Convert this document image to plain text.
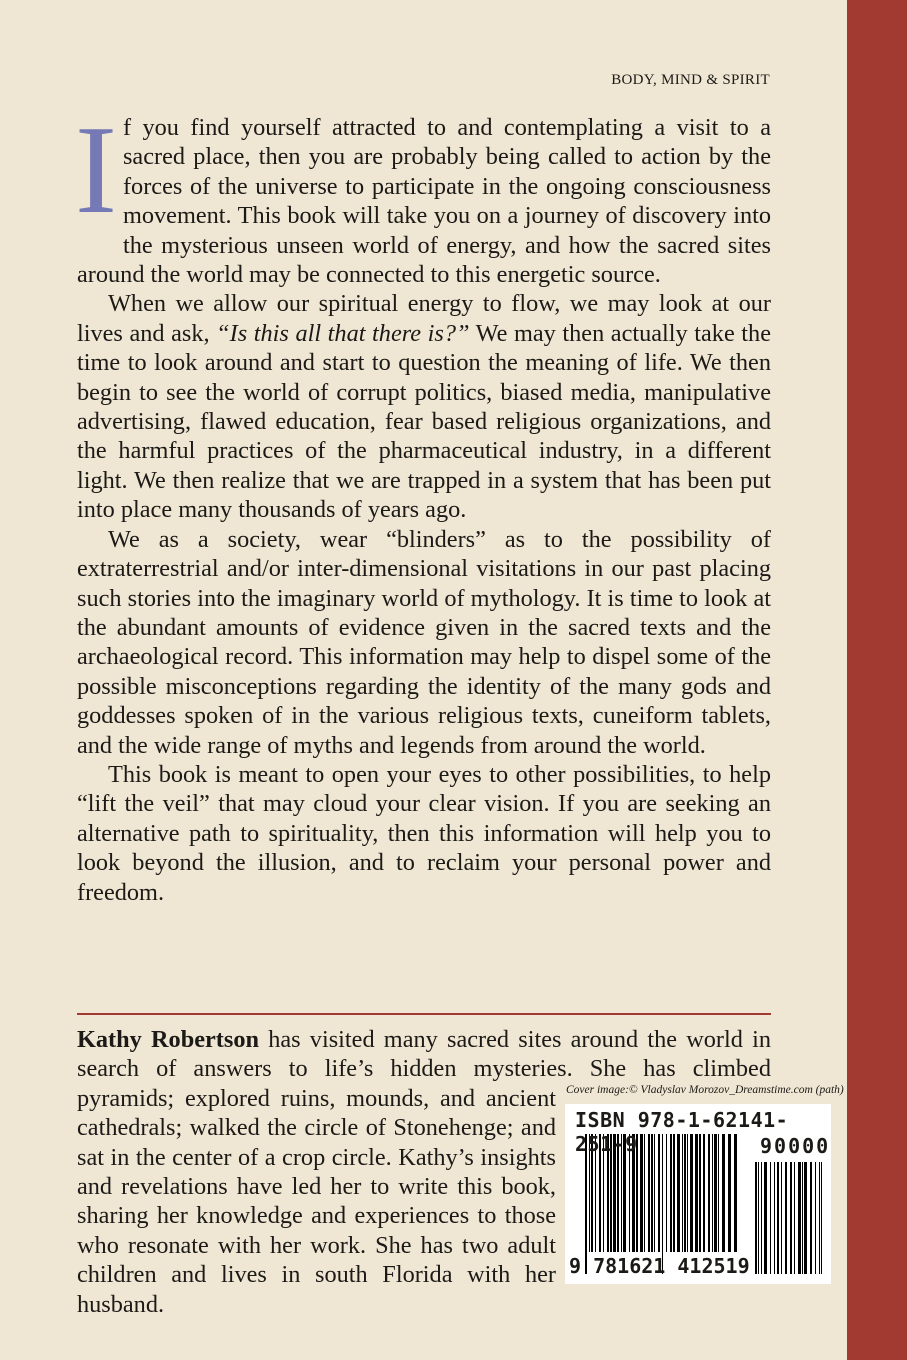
BODY, MIND & SPIRIT

If you find yourself attracted to and contemplating a visit to a sacred place, then you are probably being called to action by the forces of the universe to participate in the ongoing consciousness movement. This book will take you on a journey of discovery into the mysterious unseen world of energy, and how the sacred sites around the world may be connected to this energetic source.

When we allow our spiritual energy to flow, we may look at our lives and ask, “Is this all that there is?” We may then actually take the time to look around and start to question the meaning of life. We then begin to see the world of corrupt politics, biased media, manipulative advertising, flawed education, fear based religious organizations, and the harmful practices of the pharmaceutical industry, in a different light. We then realize that we are trapped in a system that has been put into place many thousands of years ago.

We as a society, wear “blinders” as to the possibility of extraterrestrial and/or inter-dimensional visitations in our past placing such stories into the imaginary world of mythology. It is time to look at the abundant amounts of evidence given in the sacred texts and the archaeological record. This information may help to dispel some of the possible misconceptions regarding the identity of the many gods and goddesses spoken of in the various religious texts, cuneiform tablets, and the wide range of myths and legends from around the world.

This book is meant to open your eyes to other possibilities, to help “lift the veil” that may cloud your clear vision. If you are seeking an alternative path to spirituality, then this information will help you to look beyond the illusion, and to reclaim your personal power and freedom.

Kathy Robertson has visited many sacred sites around the world in search of answers to life’s hidden mysteries. She has climbed pyramids; explored ruins, mounds, and ancient cathedrals; walked the circle of Stonehenge; and sat in the center of a crop circle. Kathy’s insights and revelations have led her to write this book, sharing her knowledge and experiences to those who resonate with her work. She has two adult children and lives in south Florida with her husband.
Cover image:© Vladyslav Morozov_Dreamstime.com (path)
ISBN 978-1-62141-251-9	90000
9 781621 412519
